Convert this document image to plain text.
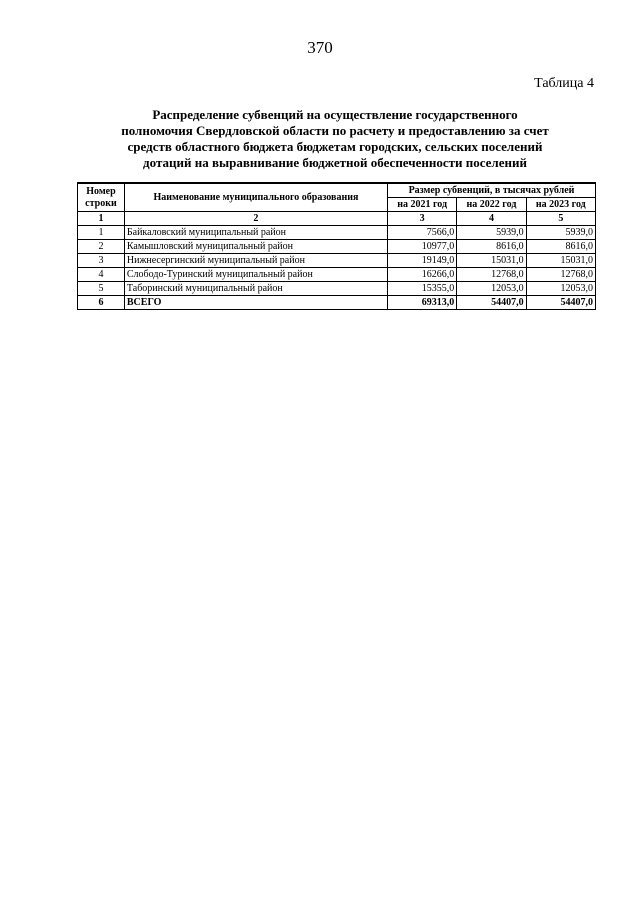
370
Таблица 4
Распределение субвенций на осуществление государственного
полномочия Свердловской области по расчету и предоставлению за счет
средств областного бюджета бюджетам городских, сельских поселений
дотаций на выравнивание бюджетной обеспеченности поселений
Номер строки	Наименование муниципального образования	Размер субвенций, в тысячах рублей		
		на 2021 год	на 2022 год	на 2023 год
1	2	3	4	5
1	Байкаловский муниципальный район	7566,0	5939,0	5939,0
2	Камышловский муниципальный район	10977,0	8616,0	8616,0
3	Нижнесергинский муниципальный район	19149,0	15031,0	15031,0
4	Слободо-Туринский муниципальный район	16266,0	12768,0	12768,0
5	Таборинский муниципальный район	15355,0	12053,0	12053,0
6	ВСЕГО	69313,0	54407,0	54407,0
